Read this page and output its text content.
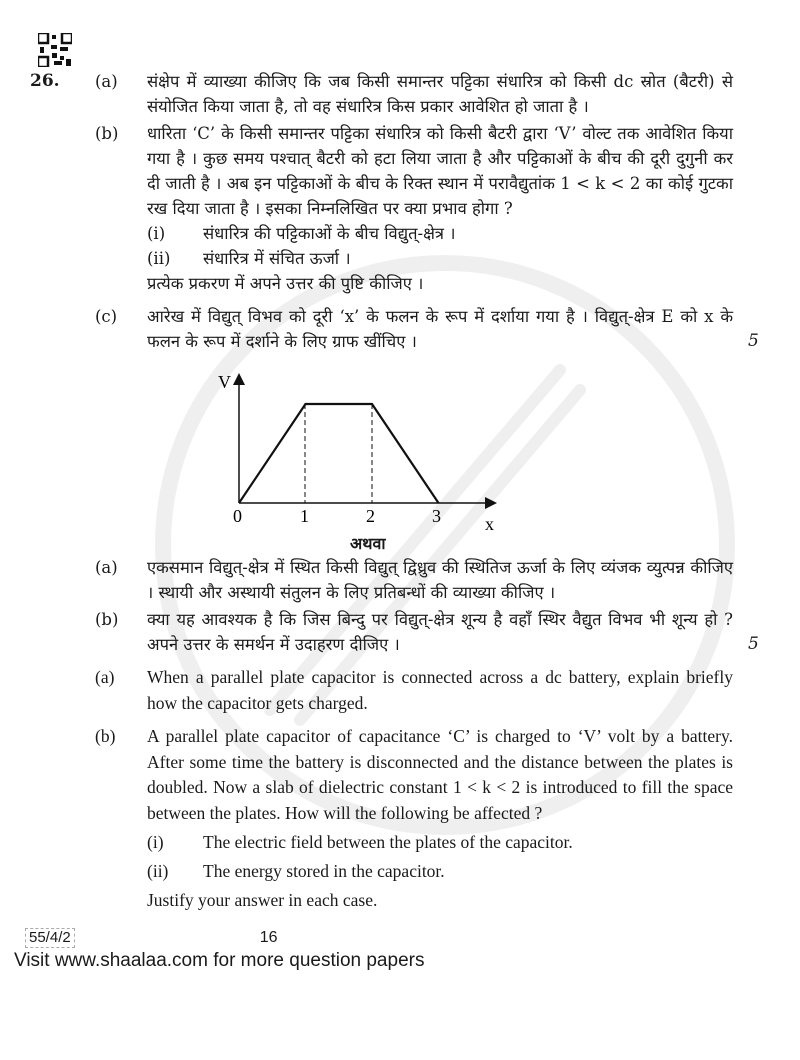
26.	(a)	संक्षेप में व्याख्या कीजिए कि जब किसी समान्तर पट्टिका संधारित्र को किसी dc स्रोत (बैटरी) से संयोजित किया जाता है, तो वह संधारित्र किस प्रकार आवेशित हो जाता है ।
(b)	धारिता ‘C’ के किसी समान्तर पट्टिका संधारित्र को किसी बैटरी द्वारा ‘V’ वोल्ट तक आवेशित किया गया है । कुछ समय पश्चात् बैटरी को हटा लिया जाता है और पट्टिकाओं के बीच की दूरी दुगुनी कर दी जाती है । अब इन पट्टिकाओं के बीच के रिक्त स्थान में परावैद्युतांक 1 < k < 2 का कोई गुटका रख दिया जाता है । इसका निम्नलिखित पर क्या प्रभाव होगा ?
(i)	संधारित्र की पट्टिकाओं के बीच विद्युत्-क्षेत्र ।
(ii)	संधारित्र में संचित ऊर्जा ।
प्रत्येक प्रकरण में अपने उत्तर की पुष्टि कीजिए ।
(c)	आरेख में विद्युत् विभव को दूरी ‘x’ के फलन के रूप में दर्शाया गया है । विद्युत्-क्षेत्र E को x के फलन के रूप में दर्शाने के लिए ग्राफ खींचिए ।	5
V
x
0	1	2	3
अथवा
(a)	एकसमान विद्युत्-क्षेत्र में स्थित किसी विद्युत् द्विध्रुव की स्थितिज ऊर्जा के लिए व्यंजक व्युत्पन्न कीजिए । स्थायी और अस्थायी संतुलन के लिए प्रतिबन्धों की व्याख्या कीजिए ।
(b)	क्या यह आवश्यक है कि जिस बिन्दु पर विद्युत्-क्षेत्र शून्य है वहाँ स्थिर वैद्युत विभव भी शून्य हो ? अपने उत्तर के समर्थन में उदाहरण दीजिए ।	5
(a)	When a parallel plate capacitor is connected across a dc battery, explain briefly how the capacitor gets charged.
(b)	A parallel plate capacitor of capacitance ‘C’ is charged to ‘V’ volt by a battery. After some time the battery is disconnected and the distance between the plates is doubled. Now a slab of dielectric constant 1 < k < 2 is introduced to fill the space between the plates. How will the following be affected ?
(i)	The electric field between the plates of the capacitor.
(ii)	The energy stored in the capacitor.
Justify your answer in each case.
55/4/2	16
Visit www.shaalaa.com for more question papers
